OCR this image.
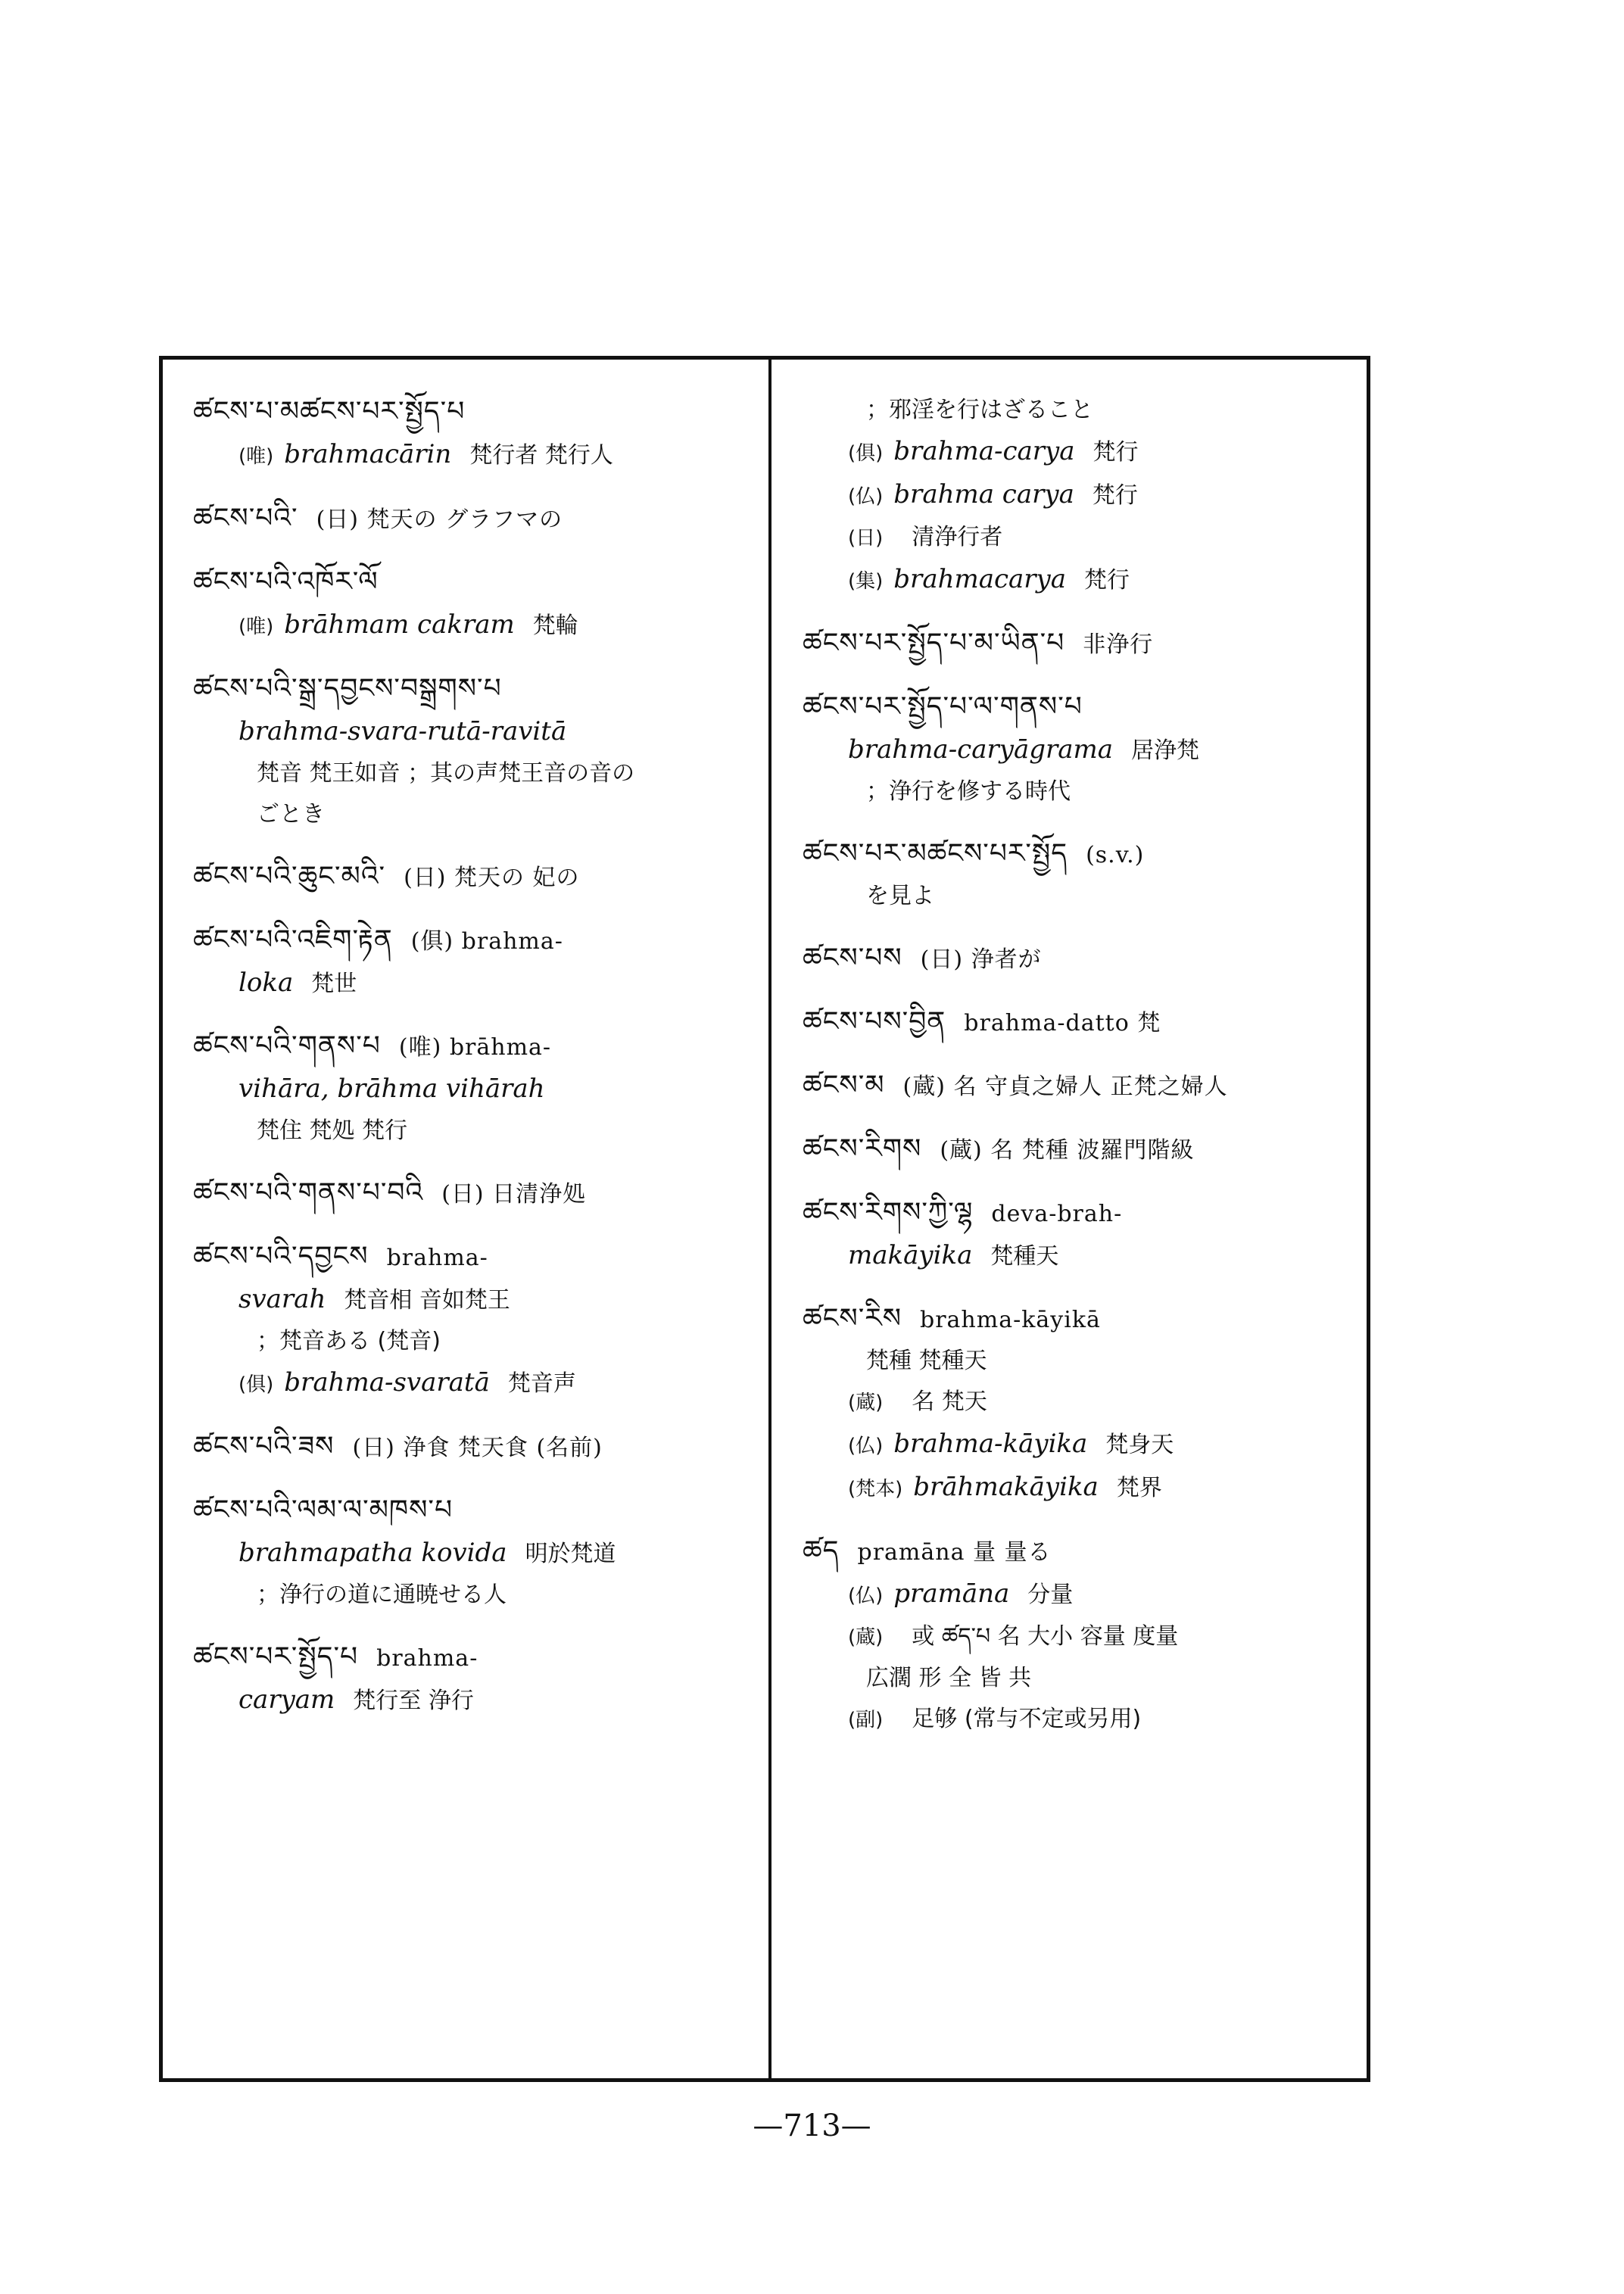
ཚངས་པ་མཚངས་པར་སྤྱོད་པ
(唯) brahmacārin 梵行者 梵行人
ཚངས་པའི་ (日) 梵天の グラフマの
ཚངས་པའི་འཁོར་ལོ
(唯) brāhmam cakram 梵輪
ཚངས་པའི་སྒྲ་དབྱངས་བསྒྲགས་པ
brahma-svara-rutā-ravitā
梵音 梵王如音 ；其の声梵王音の音の
ごとき
ཚངས་པའི་ཆུང་མའི་ (日) 梵天の 妃の
ཚངས་པའི་འཇིག་རྟེན (俱) brahma-
loka 梵世
ཚངས་པའི་གནས་པ (唯) brāhma-
vihāra, brāhma vihārah
梵住 梵処 梵行
ཚངས་པའི་གནས་པ་བའི (日) 日清浄処
ཚངས་པའི་དབྱངས brahma-
svarah 梵音相 音如梵王
；梵音ある (梵音)
(俱) brahma-svaratā 梵音声
ཚངས་པའི་ཟས (日) 浄食 梵天食 (名前)
ཚངས་པའི་ལམ་ལ་མཁས་པ
brahmapatha kovida 明於梵道
；浄行の道に通暁せる人
ཚངས་པར་སྤྱོད་པ brahma-
caryam 梵行至 浄行
；邪淫を行はざること
(俱) brahma-carya 梵行
(仏) brahma carya 梵行
(日) 清浄行者
(集) brahmacarya 梵行
ཚངས་པར་སྤྱོད་པ་མ་ཡིན་པ 非浄行
ཚངས་པར་སྤྱོད་པ་ལ་གནས་པ
brahma-caryāgrama 居浄梵
；浄行を修する時代
ཚངས་པར་མཚངས་པར་སྤྱོད (s.v.)
を見よ
ཚངས་པས (日) 浄者が
ཚངས་པས་བྱིན brahma-datto 梵
ཚངས་མ (蔵) 名 守貞之婦人 正梵之婦人
ཚངས་རིགས (蔵) 名 梵種 波羅門階級
ཚངས་རིགས་ཀྱི་ལྷ deva-brah-
makāyika 梵種天
ཚངས་རིས brahma-kāyikā
梵種 梵種天
(蔵) 名 梵天
(仏) brahma-kāyika 梵身天
(梵本) brāhmakāyika 梵界
ཚད pramāna 量 量る
(仏) pramāna 分量
(蔵) 或 ཚད་པ 名 大小 容量 度量
広濶 形 全 皆 共
(副) 足够 (常与不定或另用)
—713—
